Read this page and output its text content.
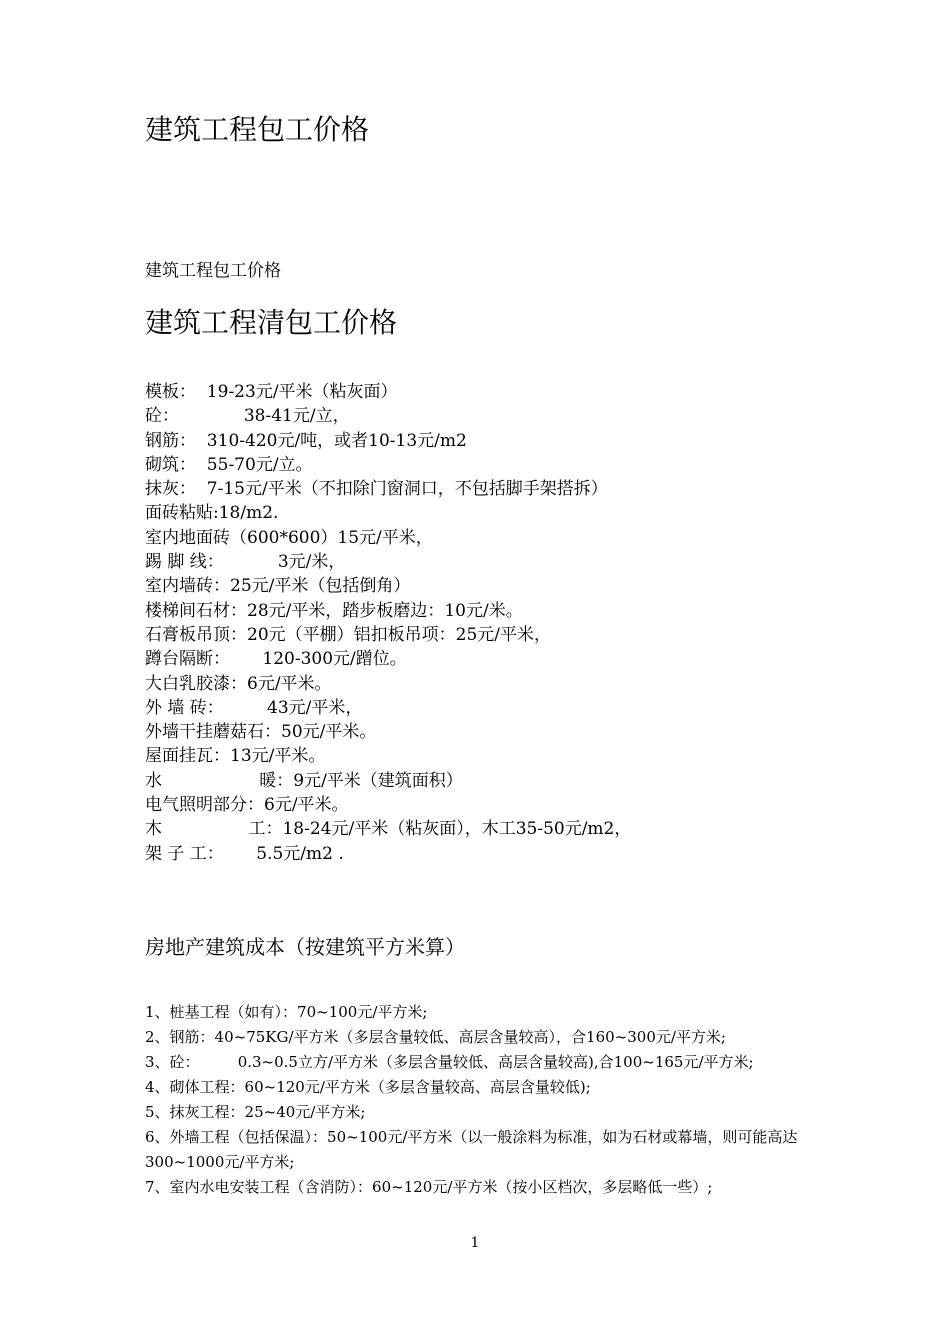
建筑工程包工价格

建筑工程包工价格

建筑工程清包工价格
模板：  19-23元/平米（粘灰面）
砼：            38-41元/立，
钢筋：  310-420元/吨，或者10-13元/m2
砌筑：  55-70元/立。
抹灰：  7-15元/平米（不扣除门窗洞口，不包括脚手架搭拆）
面砖粘贴:18/m2.
室内地面砖（600*600）15元/平米，
踢 脚 线：          3元/米，
室内墙砖：25元/平米（包括倒角）
楼梯间石材：28元/平米，踏步板磨边：10元/米。
石膏板吊顶：20元（平棚）铝扣板吊项：25元/平米，
蹲台隔断：      120-300元/蹭位。
大白乳胶漆：6元/平米。
外 墙 砖：        43元/平米，
外墙干挂蘑菇石：50元/平米。
屋面挂瓦：13元/平米。
水                  暖：9元/平米（建筑面积）
电气照明部分：6元/平米。
木                工：18-24元/平米（粘灰面），木工35-50元/m2，
架 子 工：      5.5元/m2 .
房地产建筑成本（按建筑平方米算）
1、桩基工程（如有）：70~100元/平方米;
2、钢筋：40~75KG/平方米（多层含量较低、高层含量较高），合160~300元/平方米;
3、砼：        0.3~0.5立方/平方米（多层含量较低、高层含量较高),合100~165元/平方米;
4、砌体工程：60~120元/平方米（多层含量较高、高层含量较低);
5、抹灰工程：25~40元/平方米;
6、外墙工程（包括保温）：50~100元/平方米（以一般涂料为标准，如为石材或幕墙，则可能高达300~1000元/平方米;
7、室内水电安装工程（含消防）：60~120元/平方米（按小区档次，多层略低一些）;
1
